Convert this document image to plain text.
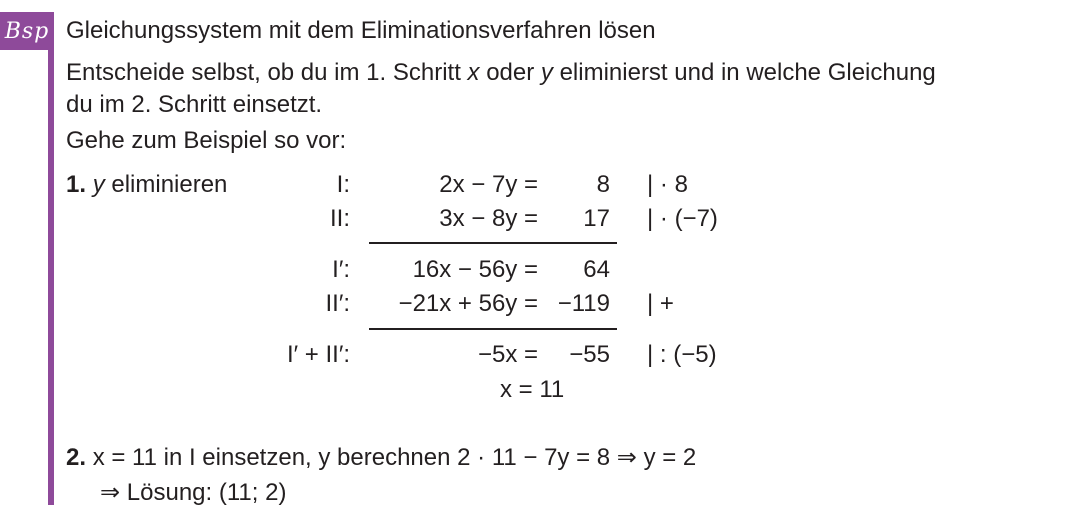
Bsp Gleichungssystem mit dem Eliminationsverfahren lösen
Entscheide selbst, ob du im 1. Schritt x oder y eliminierst und in welche Gleichung
du im 2. Schritt einsetzt.
Gehe zum Beispiel so vor:
1. y eliminieren	I:	2x − 7y = 8 | · 8
II:	3x − 8y = 17 | · (−7)
I′:	16x − 56y = 64
II′: −21x + 56y = −119 | +
I′ + II′:	−5x = −55 | : (−5)
x = 11
2. x = 11 in I einsetzen, y berechnen 2 · 11 − 7y = 8 ⇒ y = 2
⇒ Lösung: (11; 2)
